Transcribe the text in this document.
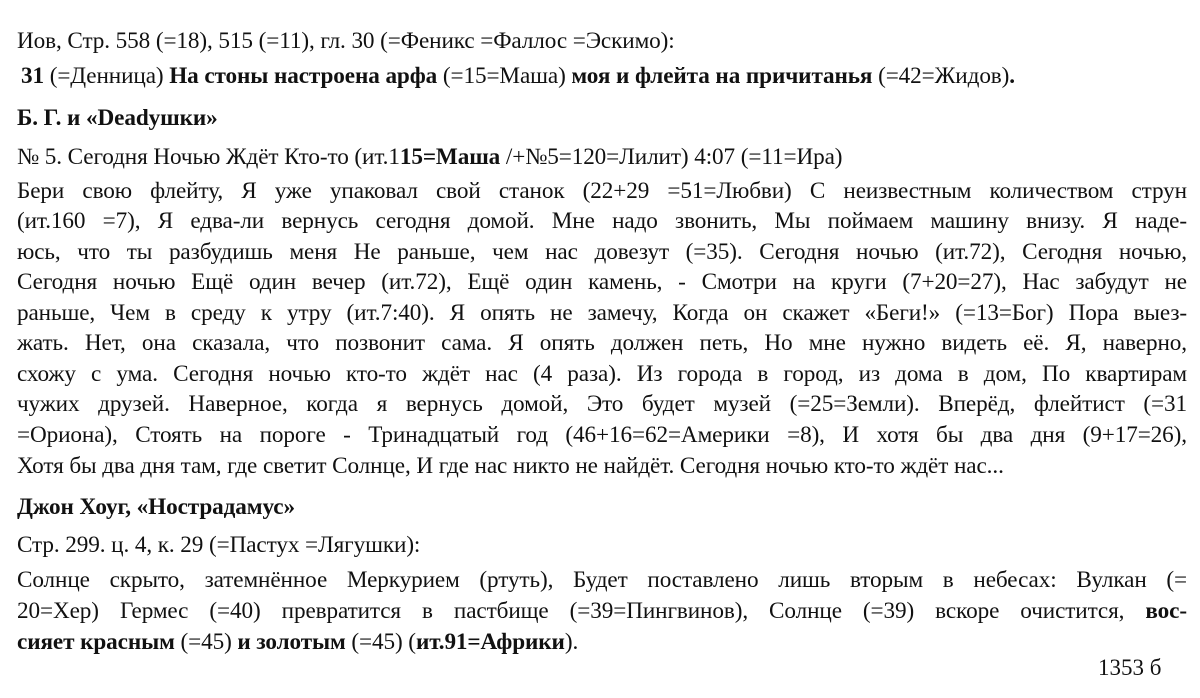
Иов, Стр. 558 (=18), 515 (=11), гл. 30 (=Феникс =Фаллос =Эскимо):
31 (=Денница) На стоны настроена арфа (=15=Маша) моя и флейта на причитанья (=42=Жидов).
Б. Г. и «Deadушки»
№ 5. Сегодня Ночью Ждёт Кто-то (ит.115=Маша /+№5=120=Лилит) 4:07 (=11=Ира)
Бери свою флейту, Я уже упаковал свой станок (22+29 =51=Любви) С неизвестным количеством струн
(ит.160 =7), Я едва-ли вернусь сегодня домой. Мне надо звонить, Мы поймаем машину внизу. Я наде-
юсь, что ты разбудишь меня Не раньше, чем нас довезут (=35). Сегодня ночью (ит.72), Сегодня ночью,
Сегодня ночью Ещё один вечер (ит.72), Ещё один камень, - Смотри на круги (7+20=27), Нас забудут не
раньше, Чем в среду к утру (ит.7:40). Я опять не замечу, Когда он скажет «Беги!» (=13=Бог) Пора выез-
жать. Нет, она сказала, что позвонит сама. Я опять должен петь, Но мне нужно видеть её. Я, наверно,
схожу с ума. Сегодня ночью кто-то ждёт нас (4 раза). Из города в город, из дома в дом, По квартирам
чужих друзей. Наверное, когда я вернусь домой, Это будет музей (=25=Земли). Вперёд, флейтист (=31
=Ориона), Стоять на пороге - Тринадцатый год (46+16=62=Америки =8), И хотя бы два дня (9+17=26),
Хотя бы два дня там, где светит Солнце, И где нас никто не найдёт. Сегодня ночью кто-то ждёт нас...
Джон Хоуг, «Нострадамус»
Стр. 299. ц. 4, к. 29 (=Пастух =Лягушки):
Солнце скрыто, затемнённое Меркурием (ртуть), Будет поставлено лишь вторым в небесах: Вулкан (=
20=Хер) Гермес (=40) превратится в пастбище (=39=Пингвинов), Солнце (=39) вскоре очистится, вос-
сияет красным (=45) и золотым (=45) (ит.91=Африки).
1353 б
